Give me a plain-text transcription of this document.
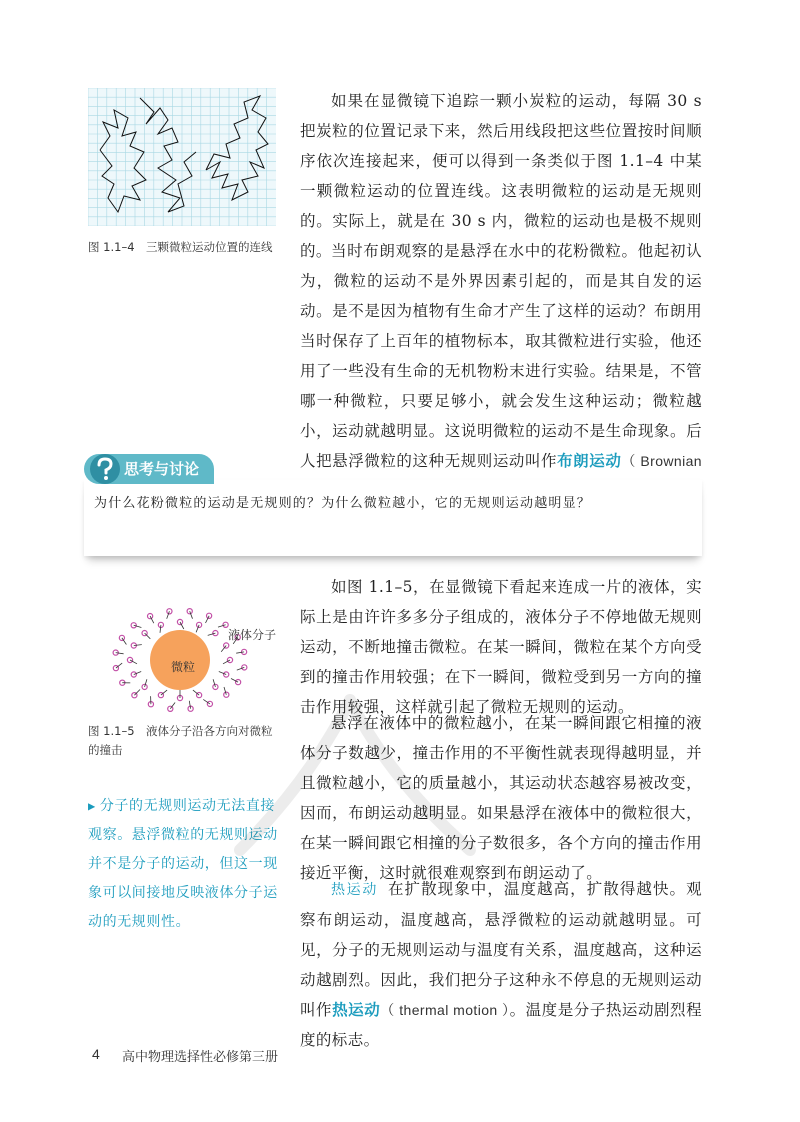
图 1.1–4　三颗微粒运动位置的连线

如果在显微镜下追踪一颗小炭粒的运动，每隔 30 s 把炭粒的位置记录下来，然后用线段把这些位置按时间顺序依次连接起来，便可以得到一条类似于图 1.1–4 中某一颗微粒运动的位置连线。这表明微粒的运动是无规则的。实际上，就是在 30 s 内，微粒的运动也是极不规则的。 当时布朗观察的是悬浮在水中的花粉微粒。他起初认为，微粒的运动不是外界因素引起的，而是其自发的运动。是不是因为植物有生命才产生了这样的运动？布朗用当时保存了上百年的植物标本，取其微粒进行实验，他还用了一些没有生命的无机物粉末进行实验。结果是，不管哪一种微粒，只要足够小，就会发生这种运动；微粒越小，运动就越明显。这说明微粒的运动不是生命现象。后人把悬浮微粒的这种无规则运动叫作布朗运动（ Brownian

思考与讨论

为什么花粉微粒的运动是无规则的？为什么微粒越小，它的无规则运动越明显？

液体分子
微粒
图 1.1–5　液体分子沿各方向对微粒的撞击

如图 1.1–5，在显微镜下看起来连成一片的液体，实际上是由许许多多分子组成的，液体分子不停地做无规则运动，不断地撞击微粒。在某一瞬间，微粒在某个方向受到的撞击作用较强；在下一瞬间，微粒受到另一方向的撞击作用较强，这样就引起了微粒无规则的运动。

悬浮在液体中的微粒越小，在某一瞬间跟它相撞的液体分子数越少，撞击作用的不平衡性就表现得越明显，并且微粒越小，它的质量越小，其运动状态越容易被改变，因而，布朗运动越明显。如果悬浮在液体中的微粒很大，在某一瞬间跟它相撞的分子数很多，各个方向的撞击作用接近平衡，这时就很难观察到布朗运动了。

热运动 在扩散现象中，温度越高，扩散得越快。观察布朗运动，温度越高，悬浮微粒的运动就越明显。可见，分子的无规则运动与温度有关系，温度越高，这种运动越剧烈。因此，我们把分子这种永不停息的无规则运动叫作热运动（ thermal motion ）。温度是分子热运动剧烈程度的标志。

▶ 分子的无规则运动无法直接观察。悬浮微粒的无规则运动并不是分子的运动，但这一现象可以间接地反映液体分子运动的无规则性。

4 高中物理选择性必修第三册
